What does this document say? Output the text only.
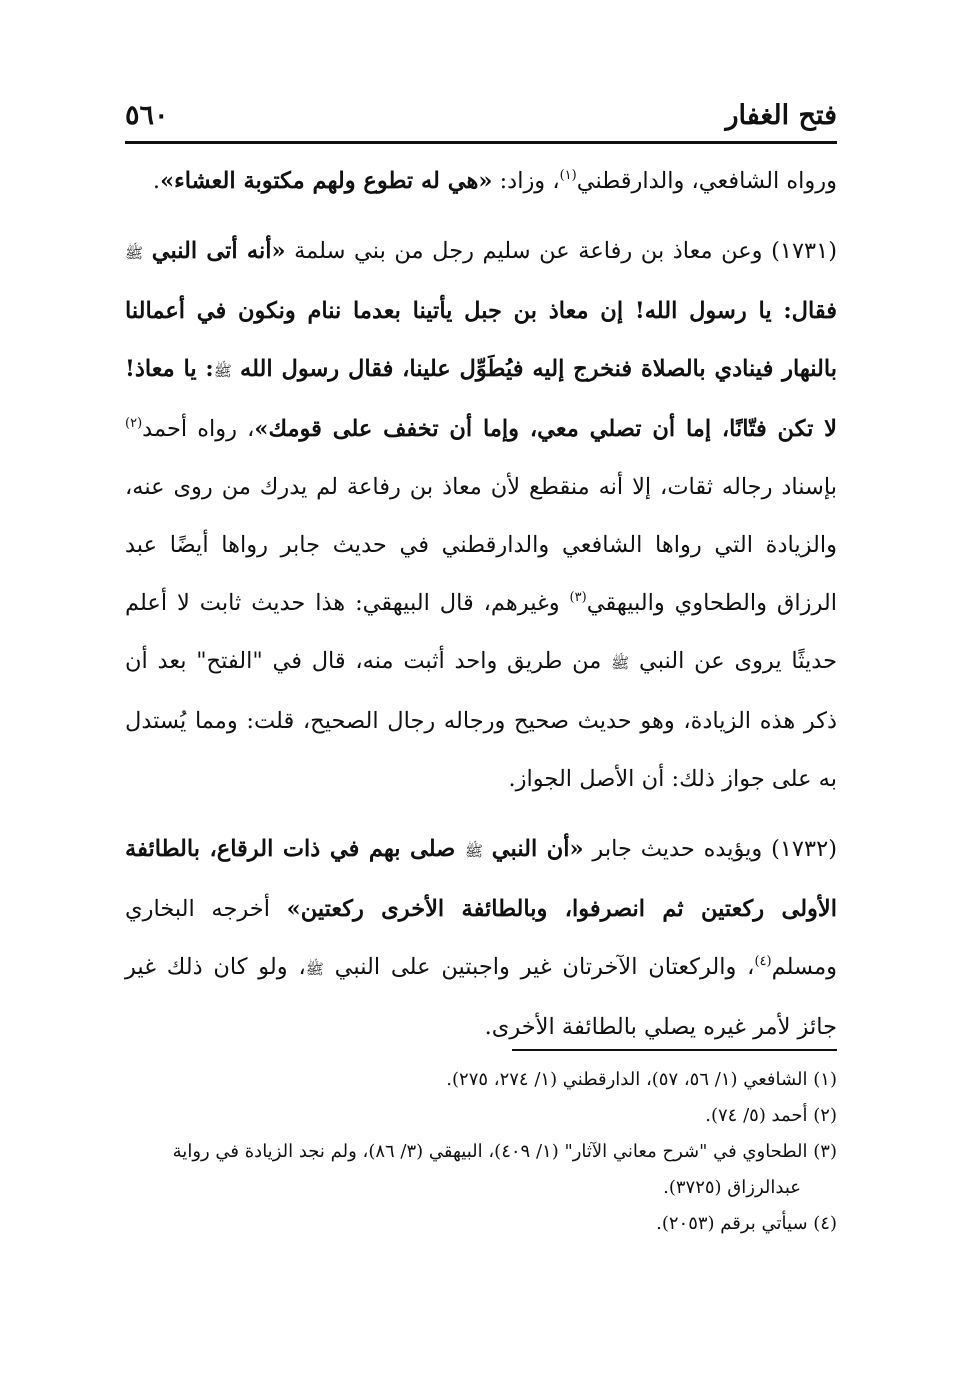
فتح الغفار
٥٦٠

ورواه الشافعي، والدارقطني$^{(١)}$، وزاد: «هي له تطوع ولهم مكتوبة العشاء».

(١٧٣١) وعن معاذ بن رفاعة عن سليم رجل من بني سلمة «أنه أتى النبي ﷺ فقال: يا رسول الله! إن معاذ بن جبل يأتينا بعدما ننام ونكون في أعمالنا بالنهار فينادي بالصلاة فنخرج إليه فيُطَوِّل علينا، فقال رسول الله ﷺ: يا معاذ! لا تكن فتّانًا، إما أن تصلي معي، وإما أن تخفف على قومك»، رواه أحمد$^{(٢)}$ بإسناد رجاله ثقات، إلا أنه منقطع لأن معاذ بن رفاعة لم يدرك من روى عنه، والزيادة التي رواها الشافعي والدارقطني في حديث جابر رواها أيضًا عبد الرزاق والطحاوي والبيهقي$^{(٣)}$ وغيرهم، قال البيهقي: هذا حديث ثابت لا أعلم حديثًا يروى عن النبي ﷺ من طريق واحد أثبت منه، قال في "الفتح" بعد أن ذكر هذه الزيادة، وهو حديث صحيح ورجاله رجال الصحيح، قلت: ومما يُستدل به على جواز ذلك: أن الأصل الجواز.

(١٧٣٢) ويؤيده حديث جابر «أن النبي ﷺ صلى بهم في ذات الرقاع، بالطائفة الأولى ركعتين ثم انصرفوا، وبالطائفة الأخرى ركعتين» أخرجه البخاري ومسلم$^{(٤)}$، والركعتان الآخرتان غير واجبتين على النبي ﷺ، ولو كان ذلك غير جائز لأمر غيره يصلي بالطائفة الأخرى.

(١) الشافعي (١/ ٥٦، ٥٧)، الدارقطني (١/ ٢٧٤، ٢٧٥).

(٢) أحمد (٥/ ٧٤).

(٣) الطحاوي في "شرح معاني الآثار" (١/ ٤٠٩)، البيهقي (٣/ ٨٦)، ولم نجد الزيادة في رواية

عبدالرزاق (٣٧٢٥).

(٤) سيأتي برقم (٢٠٥٣).
